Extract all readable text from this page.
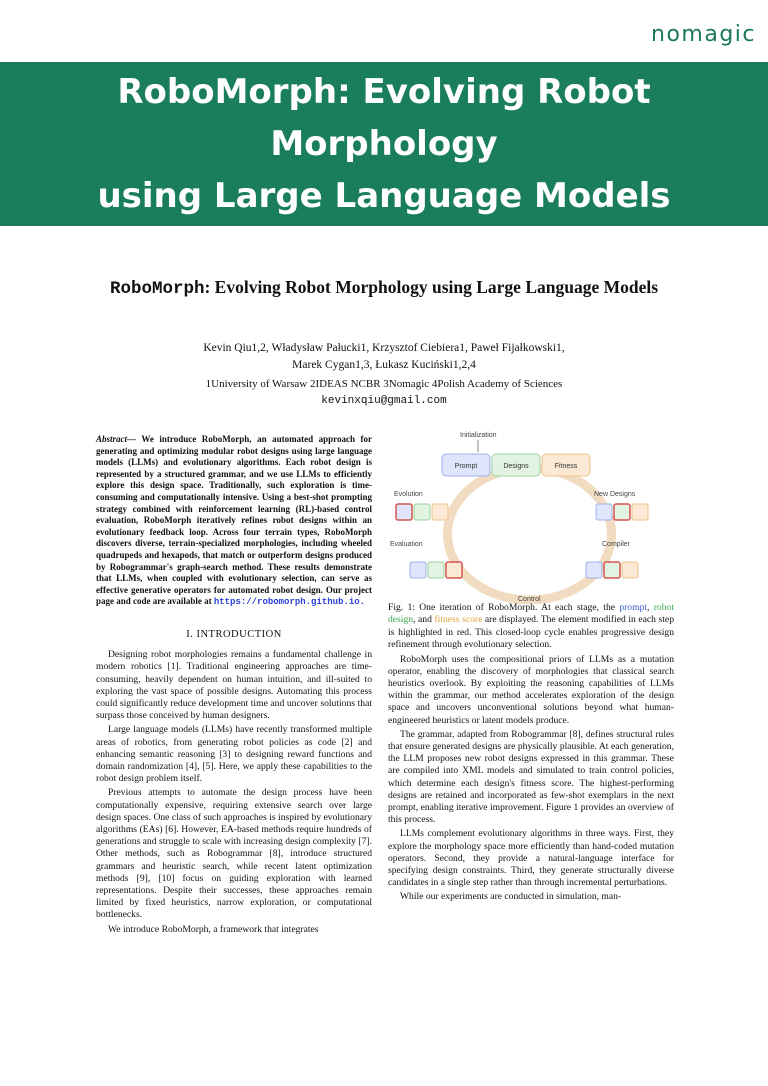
nomagic
RoboMorph: Evolving Robot Morphology
using Large Language Models
RoboMorph: Evolving Robot Morphology using Large Language Models
Kevin Qiu1,2, Władysław Pałucki1, Krzysztof Ciebiera1, Paweł Fijałkowski1,
Marek Cygan1,3, Łukasz Kuciński1,2,4
1University of Warsaw 2IDEAS NCBR 3Nomagic 4Polish Academy of Sciences
kevinxqiu@gmail.com
Abstract— We introduce RoboMorph, an automated approach for generating and optimizing modular robot designs using large language models (LLMs) and evolutionary algorithms. Each robot design is represented by a structured grammar, and we use LLMs to efficiently explore this design space. Traditionally, such exploration is time-consuming and computationally intensive. Using a best-shot prompting strategy combined with reinforcement learning (RL)-based control evaluation, RoboMorph iteratively refines robot designs within an evolutionary feedback loop. Across four terrain types, RoboMorph discovers diverse, terrain-specialized morphologies, including wheeled quadrupeds and hexapods, that match or outperform designs produced by Robogrammar's graph-search method. These results demonstrate that LLMs, when coupled with evolutionary selection, can serve as effective generative operators for automated robot design. Our project page and code are available at https://robomorph.github.io.
I. INTRODUCTION

Designing robot morphologies remains a fundamental challenge in modern robotics [1]. Traditional engineering approaches are time-consuming, heavily dependent on human intuition, and ill-suited to exploring the vast space of possible designs. Automating this process could significantly reduce development time and uncover solutions that surpass those conceived by human designers.

Large language models (LLMs) have recently transformed multiple areas of robotics, from generating robot policies as code [2] and enhancing semantic reasoning [3] to designing reward functions and domain randomization [4], [5]. Here, we apply these capabilities to the robot design problem itself.

Previous attempts to automate the design process have been computationally expensive, requiring extensive search over large design spaces. One class of such approaches is inspired by evolutionary algorithms (EAs) [6]. However, EA-based methods require hundreds of generations and struggle to scale with increasing design complexity [7]. Other methods, such as Robogrammar [8], introduce structured grammars and heuristic search, while recent latent optimization methods [9], [10] focus on guiding exploration with learned representations. Despite their successes, these approaches remain limited by fixed heuristics, narrow exploration, or computational bottlenecks.

We introduce RoboMorph, a framework that integrates

Initialization
Prompt	Designs	Fitness
Evolution	New Designs
Evaluation	Compiler
Control

Fig. 1: One iteration of RoboMorph. At each stage, the prompt, robot design, and fitness score are displayed. The element modified in each step is highlighted in red. This closed-loop cycle enables progressive design refinement through evolutionary selection.

RoboMorph uses the compositional priors of LLMs as a mutation operator, enabling the discovery of morphologies that classical search heuristics overlook. By exploiting the reasoning capabilities of LLMs within the grammar, our method accelerates exploration of the design space and uncovers unconventional solutions beyond what human-engineered heuristics or latent models produce.

The grammar, adapted from Robogrammar [8], defines structural rules that ensure generated designs are physically plausible. At each generation, the LLM proposes new robot designs expressed in this grammar. These are compiled into XML models and simulated to train control policies, which determine each design's fitness score. The highest-performing designs are retained and incorporated as few-shot exemplars in the next prompt, enabling iterative improvement. Figure 1 provides an overview of this process.

LLMs complement evolutionary algorithms in three ways. First, they explore the morphology space more efficiently than hand-coded mutation operators. Second, they provide a natural-language interface for specifying design constraints. Third, they generate structurally diverse candidates in a single step rather than through incremental perturbations.

While our experiments are conducted in simulation, man-
